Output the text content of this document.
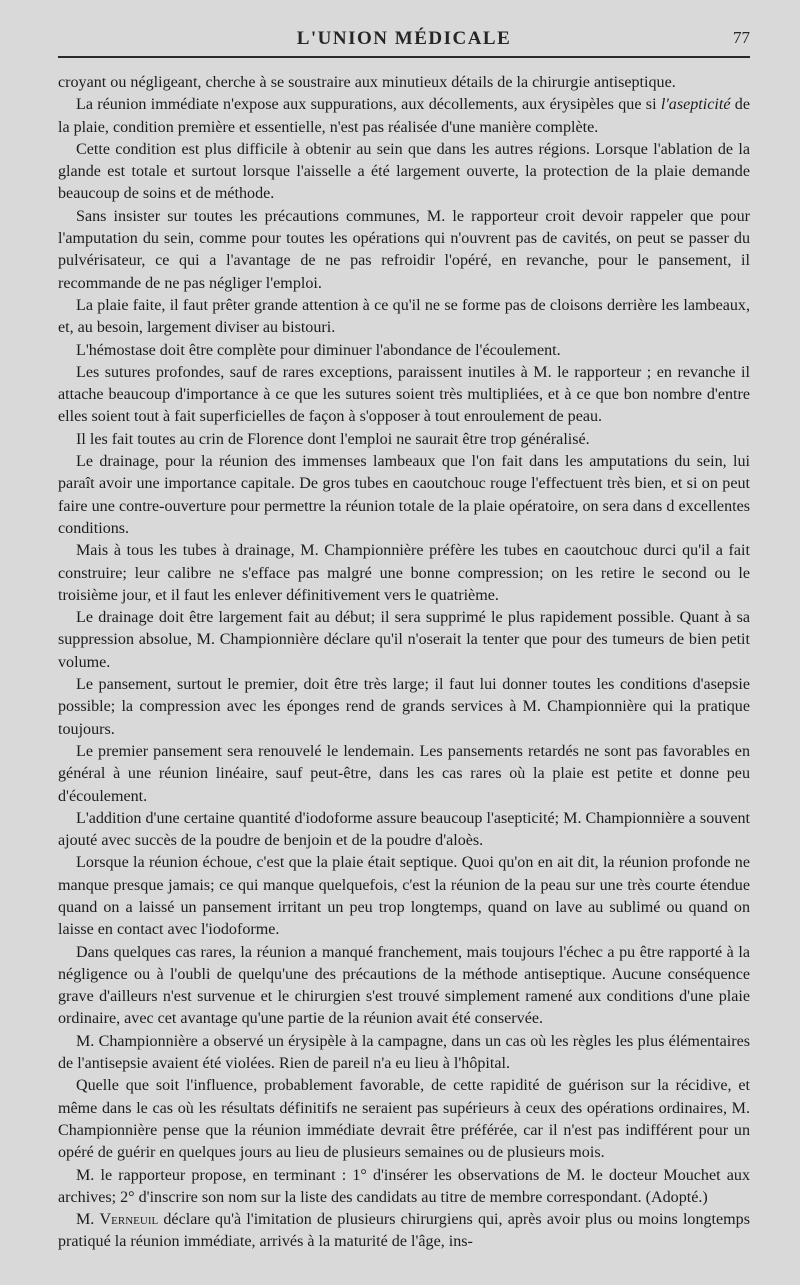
L'UNION MÉDICALE	77

croyant ou négligeant, cherche à se soustraire aux minutieux détails de la chirurgie antiseptique.

La réunion immédiate n'expose aux suppurations, aux décollements, aux érysipèles que si l'asepticité de la plaie, condition première et essentielle, n'est pas réalisée d'une manière complète.

Cette condition est plus difficile à obtenir au sein que dans les autres régions. Lorsque l'ablation de la glande est totale et surtout lorsque l'aisselle a été largement ouverte, la protection de la plaie demande beaucoup de soins et de méthode.

Sans insister sur toutes les précautions communes, M. le rapporteur croit devoir rappeler que pour l'amputation du sein, comme pour toutes les opérations qui n'ouvrent pas de cavités, on peut se passer du pulvérisateur, ce qui a l'avantage de ne pas refroidir l'opéré, en revanche, pour le pansement, il recommande de ne pas négliger l'emploi.

La plaie faite, il faut prêter grande attention à ce qu'il ne se forme pas de cloisons derrière les lambeaux, et, au besoin, largement diviser au bistouri.

L'hémostase doit être complète pour diminuer l'abondance de l'écoulement.

Les sutures profondes, sauf de rares exceptions, paraissent inutiles à M. le rapporteur ; en revanche il attache beaucoup d'importance à ce que les sutures soient très multipliées, et à ce que bon nombre d'entre elles soient tout à fait superficielles de façon à s'opposer à tout enroulement de peau.

Il les fait toutes au crin de Florence dont l'emploi ne saurait être trop généralisé.

Le drainage, pour la réunion des immenses lambeaux que l'on fait dans les amputations du sein, lui paraît avoir une importance capitale. De gros tubes en caoutchouc rouge l'effectuent très bien, et si on peut faire une contre-ouverture pour permettre la réunion totale de la plaie opératoire, on sera dans d excellentes conditions.

Mais à tous les tubes à drainage, M. Championnière préfère les tubes en caoutchouc durci qu'il a fait construire; leur calibre ne s'efface pas malgré une bonne compression; on les retire le second ou le troisième jour, et il faut les enlever définitivement vers le quatrième.

Le drainage doit être largement fait au début; il sera supprimé le plus rapidement possible. Quant à sa suppression absolue, M. Championnière déclare qu'il n'oserait la tenter que pour des tumeurs de bien petit volume.

Le pansement, surtout le premier, doit être très large; il faut lui donner toutes les conditions d'asepsie possible; la compression avec les éponges rend de grands services à M. Championnière qui la pratique toujours.

Le premier pansement sera renouvelé le lendemain. Les pansements retardés ne sont pas favorables en général à une réunion linéaire, sauf peut-être, dans les cas rares où la plaie est petite et donne peu d'écoulement.

L'addition d'une certaine quantité d'iodoforme assure beaucoup l'asepticité; M. Championnière a souvent ajouté avec succès de la poudre de benjoin et de la poudre d'aloès.

Lorsque la réunion échoue, c'est que la plaie était septique. Quoi qu'on en ait dit, la réunion profonde ne manque presque jamais; ce qui manque quelquefois, c'est la réunion de la peau sur une très courte étendue quand on a laissé un pansement irritant un peu trop longtemps, quand on lave au sublimé ou quand on laisse en contact avec l'iodoforme.

Dans quelques cas rares, la réunion a manqué franchement, mais toujours l'échec a pu être rapporté à la négligence ou à l'oubli de quelqu'une des précautions de la méthode antiseptique. Aucune conséquence grave d'ailleurs n'est survenue et le chirurgien s'est trouvé simplement ramené aux conditions d'une plaie ordinaire, avec cet avantage qu'une partie de la réunion avait été conservée.

M. Championnière a observé un érysipèle à la campagne, dans un cas où les règles les plus élémentaires de l'antisepsie avaient été violées. Rien de pareil n'a eu lieu à l'hôpital.

Quelle que soit l'influence, probablement favorable, de cette rapidité de guérison sur la récidive, et même dans le cas où les résultats définitifs ne seraient pas supérieurs à ceux des opérations ordinaires, M. Championnière pense que la réunion immédiate devrait être préférée, car il n'est pas indifférent pour un opéré de guérir en quelques jours au lieu de plusieurs semaines ou de plusieurs mois.

M. le rapporteur propose, en terminant : 1° d'insérer les observations de M. le docteur Mouchet aux archives; 2° d'inscrire son nom sur la liste des candidats au titre de membre correspondant. (Adopté.)

M. Verneuil déclare qu'à l'imitation de plusieurs chirurgiens qui, après avoir plus ou moins longtemps pratiqué la réunion immédiate, arrivés à la maturité de l'âge, ins-
